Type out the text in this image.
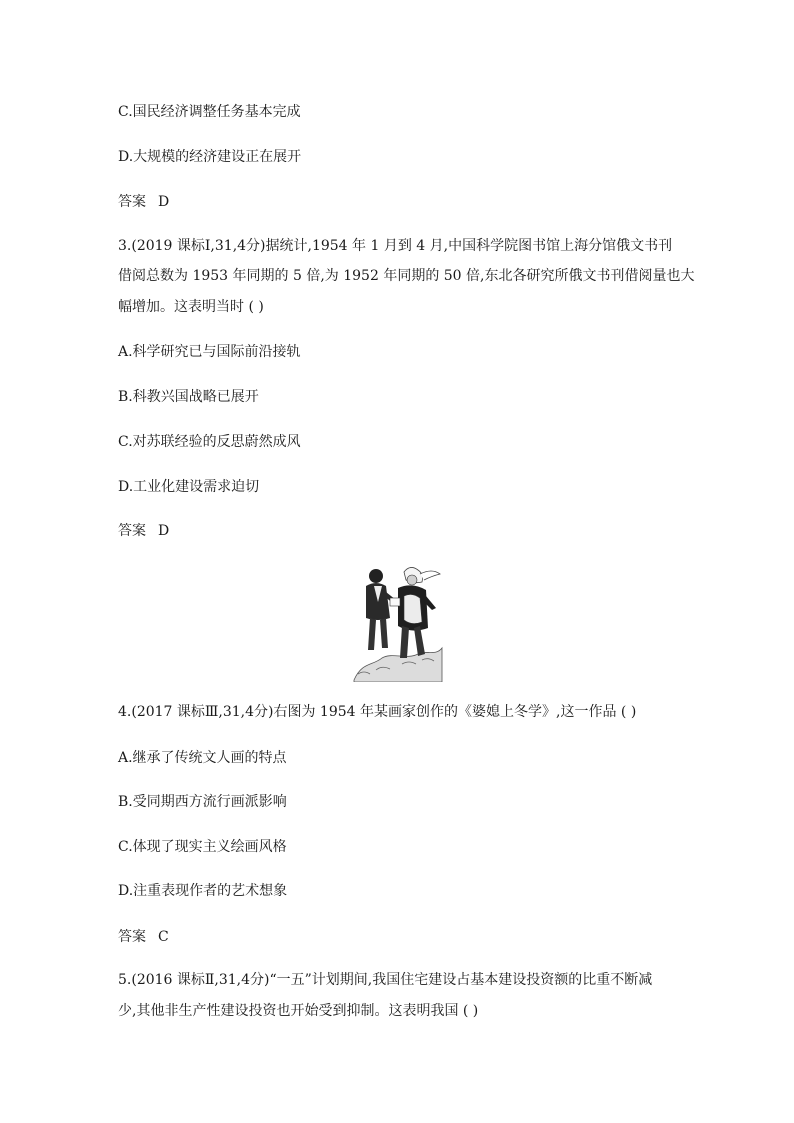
C.国民经济调整任务基本完成
D.大规模的经济建设正在展开
答案 D
3.(2019 课标Ⅰ,31,4分)据统计,1954 年 1 月到 4 月,中国科学院图书馆上海分馆俄文书刊
借阅总数为 1953 年同期的 5 倍,为 1952 年同期的 50 倍,东北各研究所俄文书刊借阅量也大
幅增加。这表明当时 ( )
A.科学研究已与国际前沿接轨
B.科教兴国战略已展开
C.对苏联经验的反思蔚然成风
D.工业化建设需求迫切
答案 D
4.(2017 课标Ⅲ,31,4分)右图为 1954 年某画家创作的《婆媳上冬学》,这一作品 ( )
A.继承了传统文人画的特点
B.受同期西方流行画派影响
C.体现了现实主义绘画风格
D.注重表现作者的艺术想象
答案 C
5.(2016 课标Ⅱ,31,4分)“一五”计划期间,我国住宅建设占基本建设投资额的比重不断减
少,其他非生产性建设投资也开始受到抑制。这表明我国 ( )
